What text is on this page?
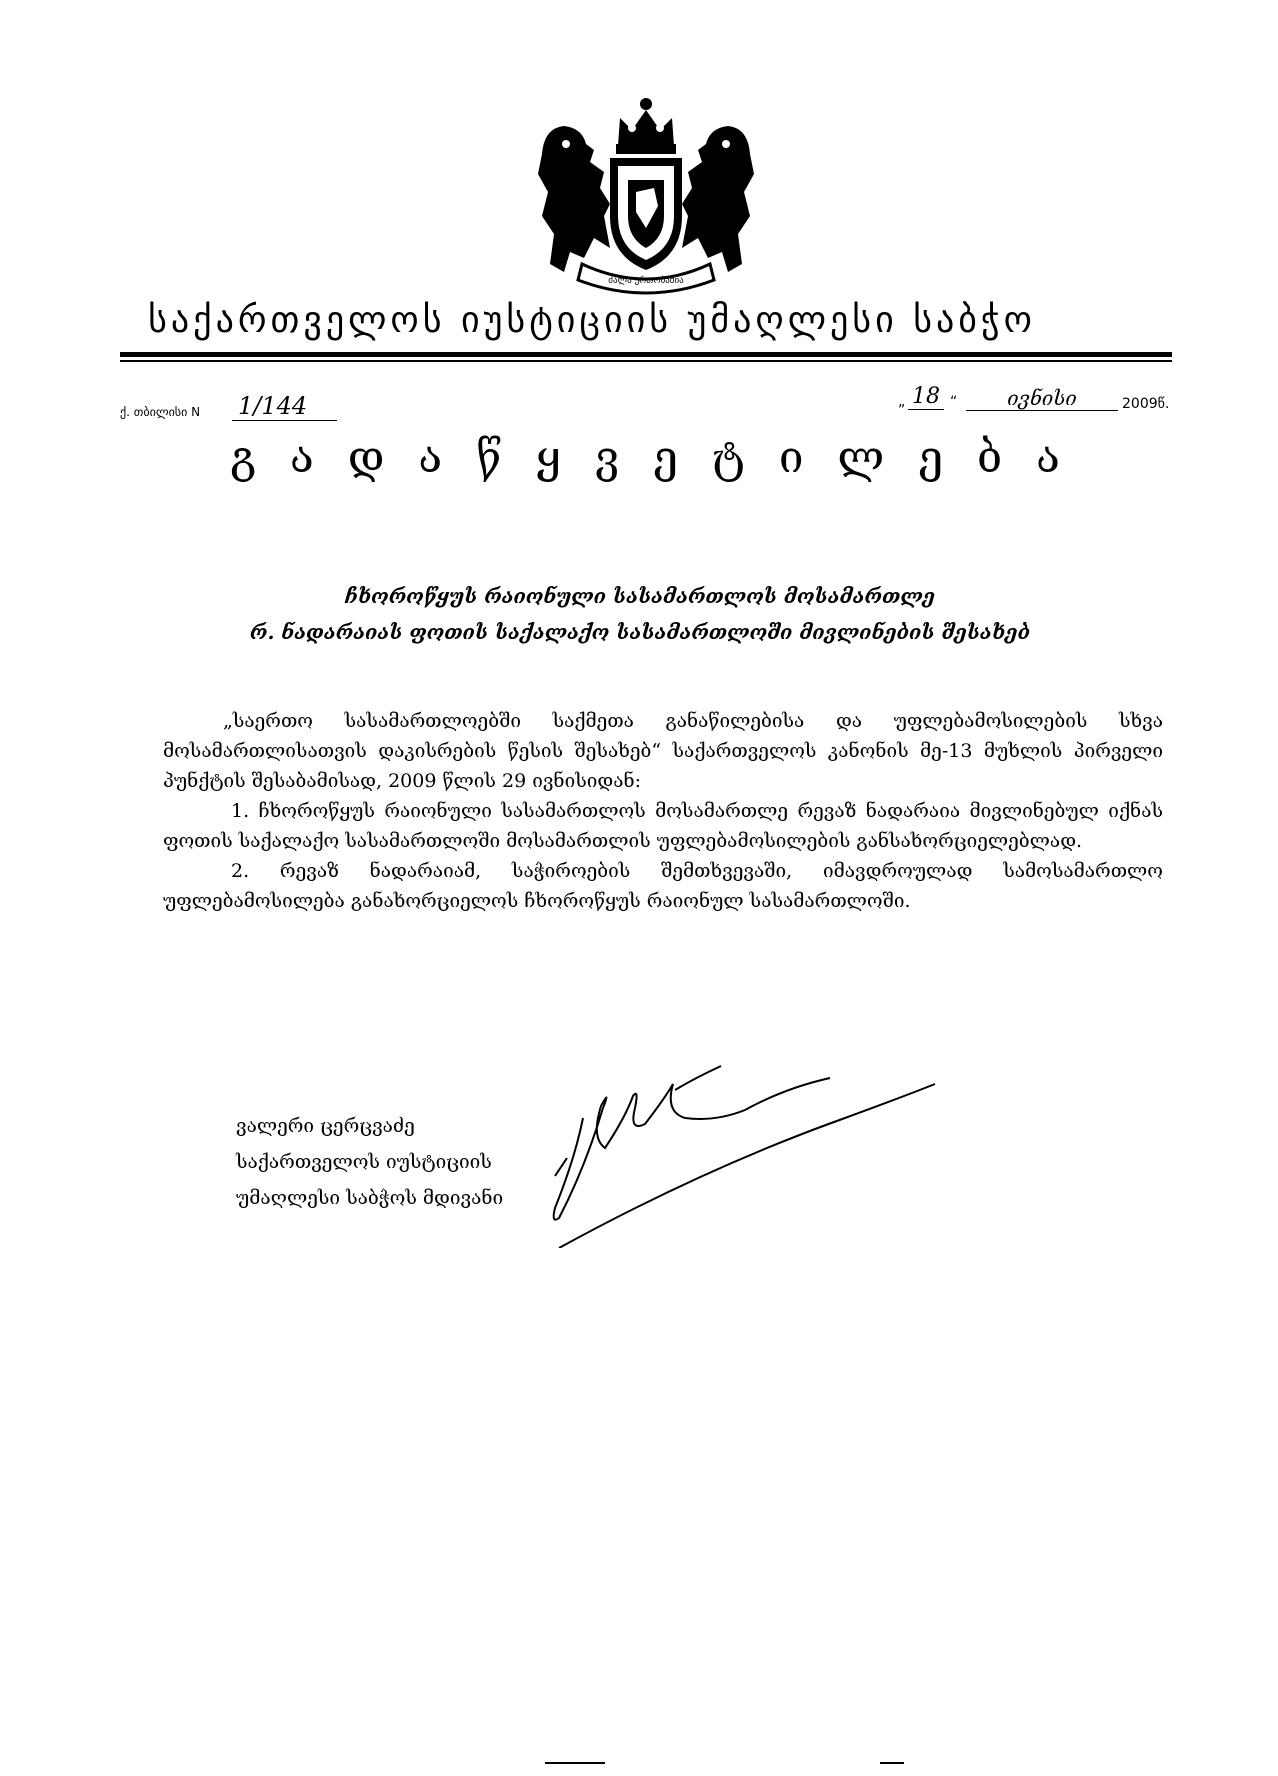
ძალა ერთობაშია
საქართველოს იუსტიციის უმაღლესი საბჭო
ქ. თბილისი N 1/144	„ 18 “	ივნისი	2009წ.
გ ა დ ა წ ყ ვ ე ტ ი ლ ე ბ ა
ჩხოროწყუს რაიონული სასამართლოს მოსამართლე
რ. ნადარაიას ფოთის საქალაქო სასამართლოში მივლინების შესახებ

„საერთო სასამართლოებში საქმეთა განაწილებისა და უფლებამოსილების სხვა მოსამართლისათვის დაკისრების წესის შესახებ“ საქართველოს კანონის მე-13 მუხლის პირველი პუნქტის შესაბამისად, 2009 წლის 29 ივნისიდან:

1. ჩხოროწყუს რაიონული სასამართლოს მოსამართლე რევაზ ნადარაია მივლინებულ იქნას ფოთის საქალაქო სასამართლოში მოსამართლის უფლებამოსილების განსახორციელებლად.

2. რევაზ ნადარაიამ, საჭიროების შემთხვევაში, იმავდროულად სამოსამართლო უფლებამოსილება განახორციელოს ჩხოროწყუს რაიონულ სასამართლოში.

ვალერი ცერცვაძე
საქართველოს იუსტიციის
უმაღლესი საბჭოს მდივანი
